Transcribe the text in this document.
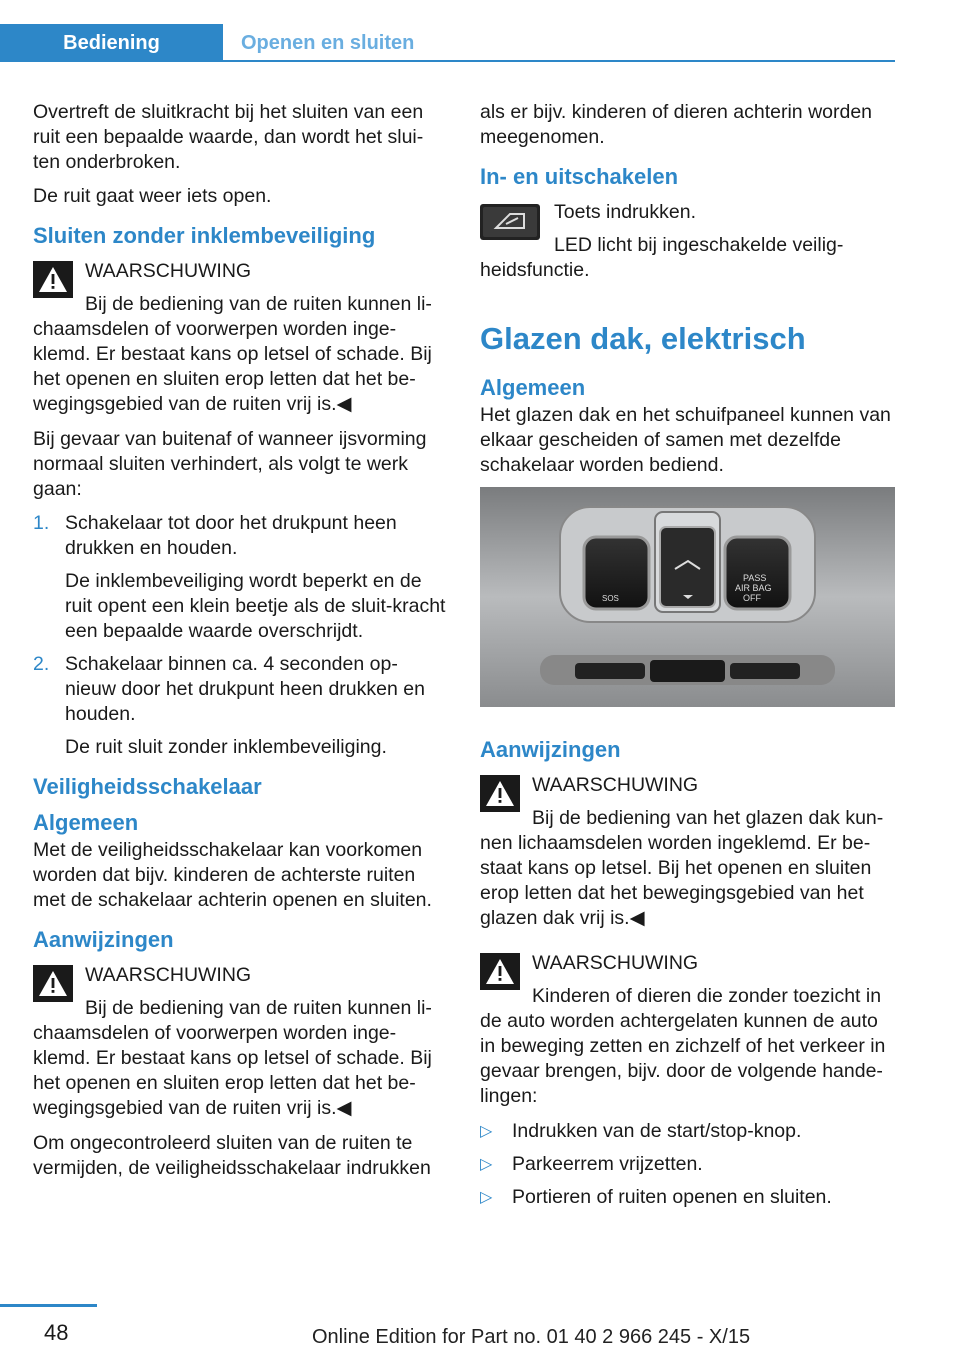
Bediening	Openen en sluiten

Overtreft de sluitkracht bij het sluiten van een ruit een bepaalde waarde, dan wordt het slui-ten onderbroken.

De ruit gaat weer iets open.

Sluiten zonder inklembeveiliging
WAARSCHUWING
Bij de bediening van de ruiten kunnen li-chaamsdelen of voorwerpen worden inge-klemd. Er bestaat kans op letsel of schade. Bij het openen en sluiten erop letten dat het be-wegingsgebied van de ruiten vrij is.◀

Bij gevaar van buitenaf of wanneer ijsvorming normaal sluiten verhindert, als volgt te werk gaan:

1. Schakelaar tot door het drukpunt heen drukken en houden.
De inklembeveiliging wordt beperkt en de ruit opent een klein beetje als de sluit-kracht een bepaalde waarde overschrijdt.
2. Schakelaar binnen ca. 4 seconden op-nieuw door het drukpunt heen drukken en houden.
De ruit sluit zonder inklembeveiliging.
Veiligheidsschakelaar
Algemeen

Met de veiligheidsschakelaar kan voorkomen worden dat bijv. kinderen de achterste ruiten met de schakelaar achterin openen en sluiten.

Aanwijzingen
WAARSCHUWING
Bij de bediening van de ruiten kunnen li-chaamsdelen of voorwerpen worden inge-klemd. Er bestaat kans op letsel of schade. Bij het openen en sluiten erop letten dat het be-wegingsgebied van de ruiten vrij is.◀

Om ongecontroleerd sluiten van de ruiten te vermijden, de veiligheidsschakelaar indrukken

als er bijv. kinderen of dieren achterin worden meegenomen.

In- en uitschakelen
Toets indrukken.
LED licht bij ingeschakelde veilig-heidsfunctie.
Glazen dak, elektrisch
Algemeen

Het glazen dak en het schuifpaneel kunnen van elkaar gescheiden of samen met dezelfde schakelaar worden bediend.

SOS
PASS
AIR BAG
OFF
Aanwijzingen
WAARSCHUWING
Bij de bediening van het glazen dak kun-nen lichaamsdelen worden ingeklemd. Er be-staat kans op letsel. Bij het openen en sluiten erop letten dat het bewegingsgebied van het glazen dak vrij is.◀
WAARSCHUWING
Kinderen of dieren die zonder toezicht in de auto worden achtergelaten kunnen de auto in beweging zetten en zichzelf of het verkeer in gevaar brengen, bijv. door de volgende hande-lingen:
▷ Indrukken van de start/stop-knop.
▷ Parkeerrem vrijzetten.
▷ Portieren of ruiten openen en sluiten.
48	Online Edition for Part no. 01 40 2 966 245 - X/15
